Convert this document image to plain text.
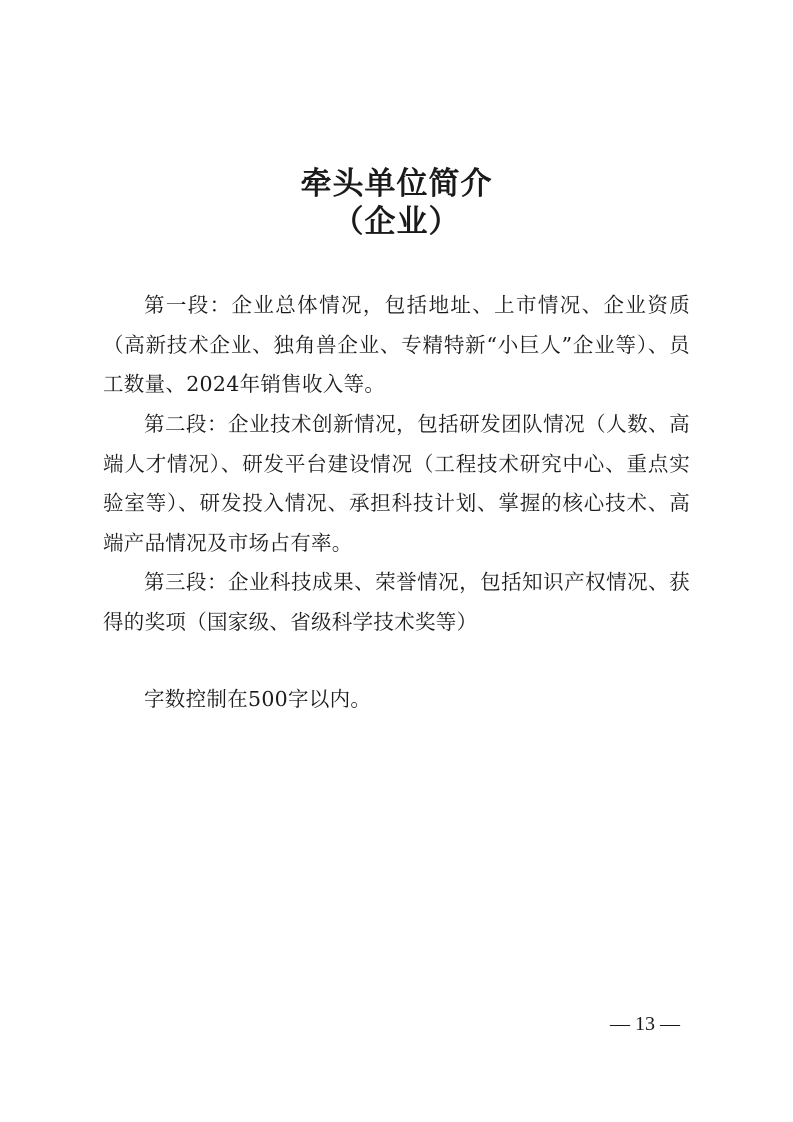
牵头单位简介
（企业）

第一段：企业总体情况，包括地址、上市情况、企业资质（高新技术企业、独角兽企业、专精特新“小巨人”企业等）、员工数量、2024年销售收入等。

第二段：企业技术创新情况，包括研发团队情况（人数、高端人才情况）、研发平台建设情况（工程技术研究中心、重点实验室等）、研发投入情况、承担科技计划、掌握的核心技术、高端产品情况及市场占有率。

第三段：企业科技成果、荣誉情况，包括知识产权情况、获得的奖项（国家级、省级科学技术奖等）

字数控制在500字以内。

— 13 —
